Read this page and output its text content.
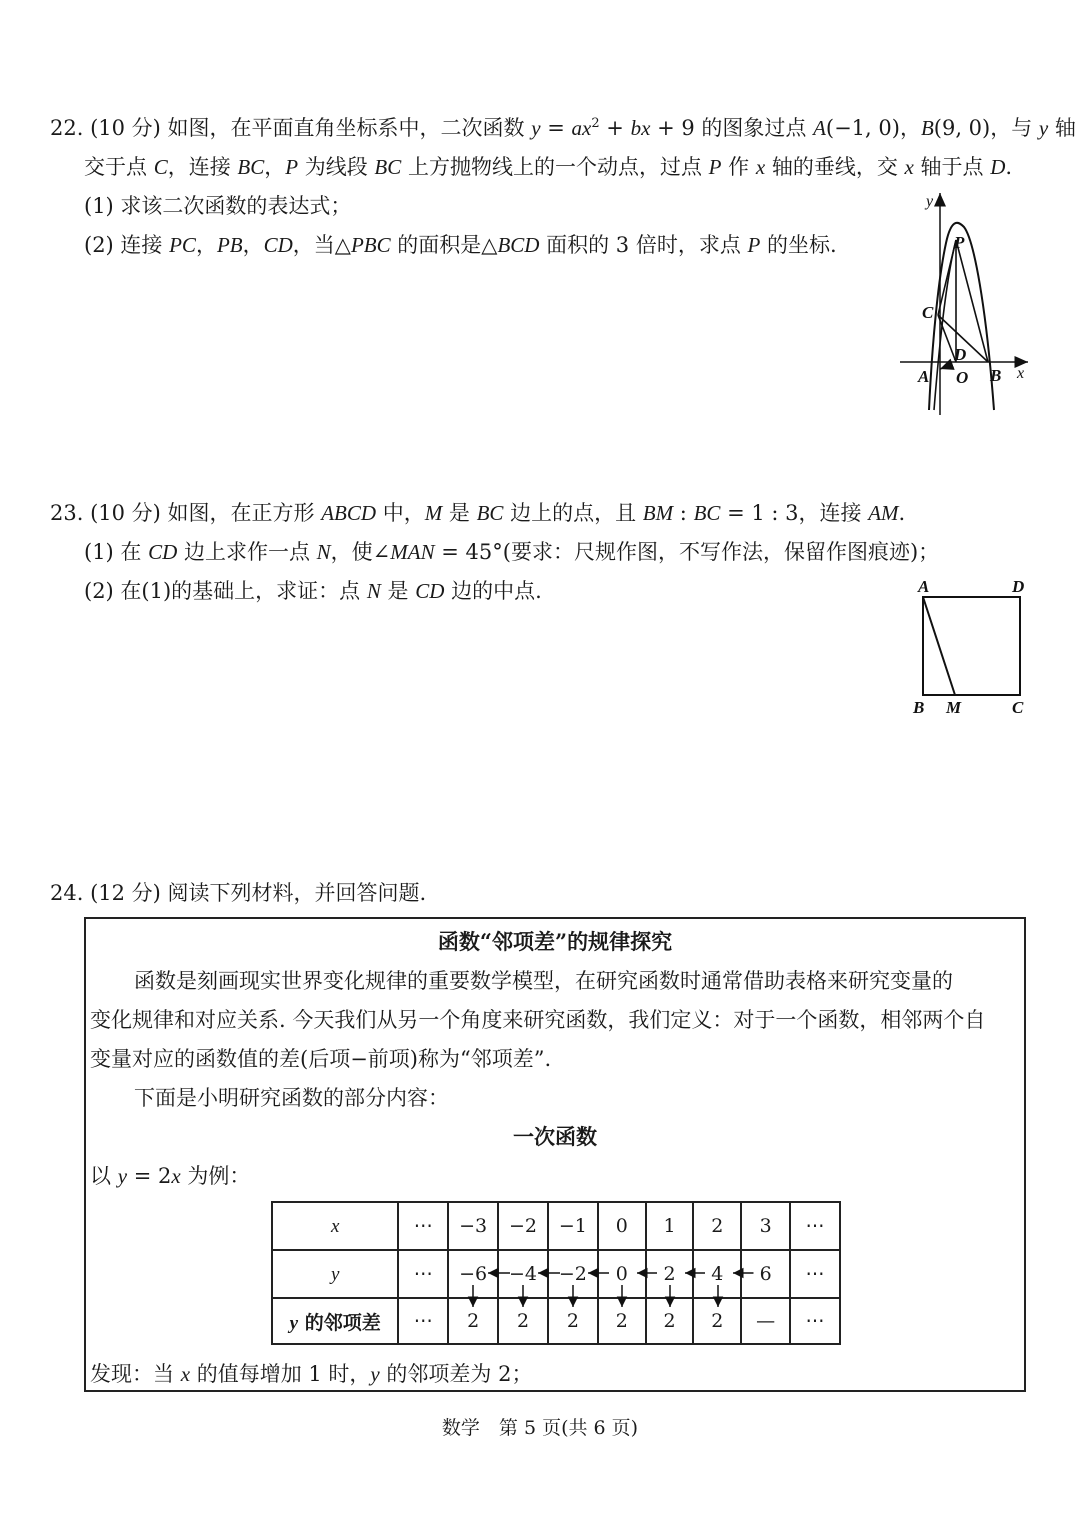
22. (10 分) 如图，在平面直角坐标系中，二次函数 $y = ax^2$ + bx + 9 的图象过点 A(−1, 0)，B(9, 0)，与 y 轴
交于点 C，连接 BC，P 为线段 BC 上方抛物线上的一个动点，过点 P 作 x 轴的垂线，交 x 轴于点 D.
(1) 求该二次函数的表达式；
(2) 连接 PC，PB，CD，当△PBC 的面积是△BCD 面积的 3 倍时，求点 P 的坐标.
y
x
P
C
D
A O B
23. (10 分) 如图，在正方形 ABCD 中，M 是 BC 边上的点，且 BM : BC = 1 : 3，连接 AM.
(1) 在 CD 边上求作一点 N，使∠MAN = 45°(要求：尺规作图，不写作法，保留作图痕迹)；
(2) 在(1)的基础上，求证：点 N 是 CD 边的中点.	A	D
B M	C
24. (12 分) 阅读下列材料，并回答问题.
函数“邻项差”的规律探究
函数是刻画现实世界变化规律的重要数学模型，在研究函数时通常借助表格来研究变量的
变化规律和对应关系. 今天我们从另一个角度来研究函数，我们定义：对于一个函数，相邻两个自
变量对应的函数值的差(后项−前项)称为“邻项差”.
下面是小明研究函数的部分内容：
一次函数
以 y = 2x 为例：
x	⋯	−3	−2	−1	0	1	2	3	⋯
y	⋯	−6	−4	−2	0	2	4	6	⋯
y 的邻项差	⋯	2	2	2	2	2	2	—	⋯
发现：当 x 的值每增加 1 时，y 的邻项差为 2；
数学　第 5 页(共 6 页)
